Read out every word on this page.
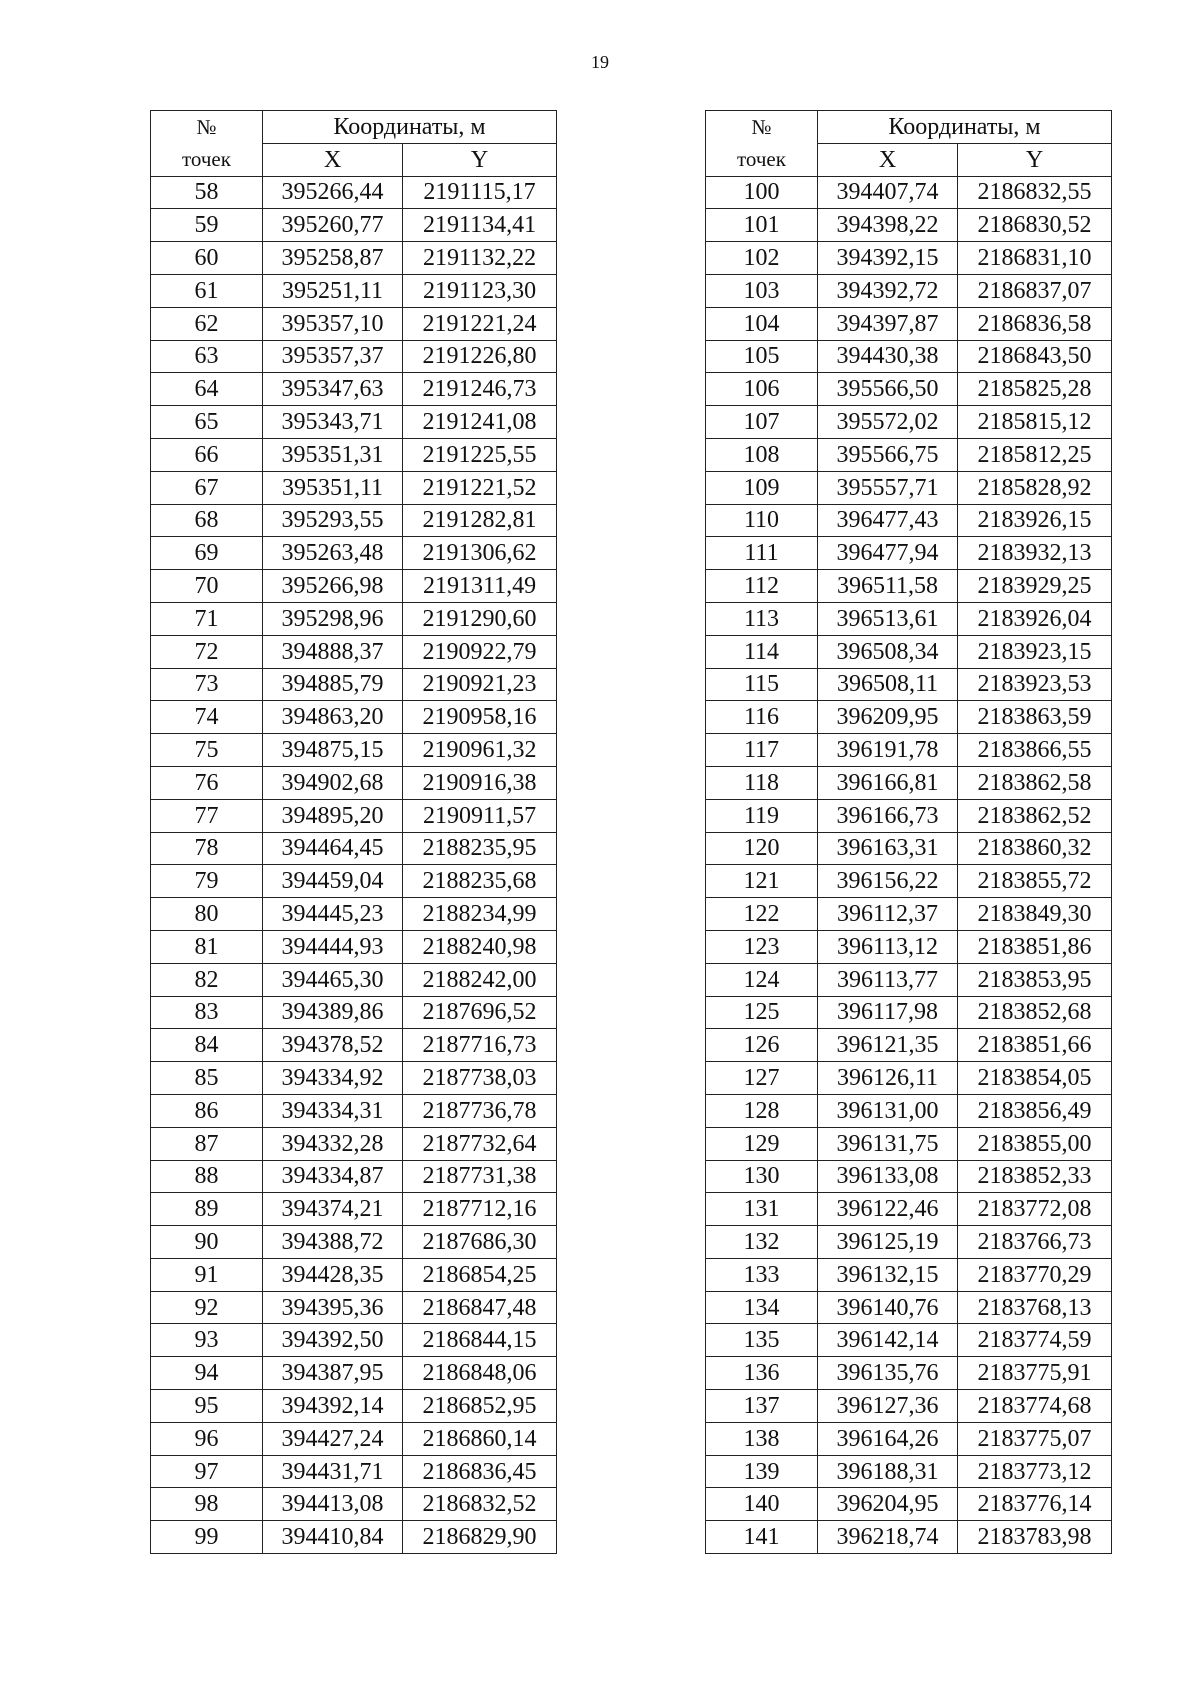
19
№	Координаты, м	
точек	X	Y
58	395266,44	2191115,17
59	395260,77	2191134,41
60	395258,87	2191132,22
61	395251,11	2191123,30
62	395357,10	2191221,24
63	395357,37	2191226,80
64	395347,63	2191246,73
65	395343,71	2191241,08
66	395351,31	2191225,55
67	395351,11	2191221,52
68	395293,55	2191282,81
69	395263,48	2191306,62
70	395266,98	2191311,49
71	395298,96	2191290,60
72	394888,37	2190922,79
73	394885,79	2190921,23
74	394863,20	2190958,16
75	394875,15	2190961,32
76	394902,68	2190916,38
77	394895,20	2190911,57
78	394464,45	2188235,95
79	394459,04	2188235,68
80	394445,23	2188234,99
81	394444,93	2188240,98
82	394465,30	2188242,00
83	394389,86	2187696,52
84	394378,52	2187716,73
85	394334,92	2187738,03
86	394334,31	2187736,78
87	394332,28	2187732,64
88	394334,87	2187731,38
89	394374,21	2187712,16
90	394388,72	2187686,30
91	394428,35	2186854,25
92	394395,36	2186847,48
93	394392,50	2186844,15
94	394387,95	2186848,06
95	394392,14	2186852,95
96	394427,24	2186860,14
97	394431,71	2186836,45
98	394413,08	2186832,52
99	394410,84	2186829,90
№	Координаты, м	
точек	X	Y
100	394407,74	2186832,55
101	394398,22	2186830,52
102	394392,15	2186831,10
103	394392,72	2186837,07
104	394397,87	2186836,58
105	394430,38	2186843,50
106	395566,50	2185825,28
107	395572,02	2185815,12
108	395566,75	2185812,25
109	395557,71	2185828,92
110	396477,43	2183926,15
111	396477,94	2183932,13
112	396511,58	2183929,25
113	396513,61	2183926,04
114	396508,34	2183923,15
115	396508,11	2183923,53
116	396209,95	2183863,59
117	396191,78	2183866,55
118	396166,81	2183862,58
119	396166,73	2183862,52
120	396163,31	2183860,32
121	396156,22	2183855,72
122	396112,37	2183849,30
123	396113,12	2183851,86
124	396113,77	2183853,95
125	396117,98	2183852,68
126	396121,35	2183851,66
127	396126,11	2183854,05
128	396131,00	2183856,49
129	396131,75	2183855,00
130	396133,08	2183852,33
131	396122,46	2183772,08
132	396125,19	2183766,73
133	396132,15	2183770,29
134	396140,76	2183768,13
135	396142,14	2183774,59
136	396135,76	2183775,91
137	396127,36	2183774,68
138	396164,26	2183775,07
139	396188,31	2183773,12
140	396204,95	2183776,14
141	396218,74	2183783,98
